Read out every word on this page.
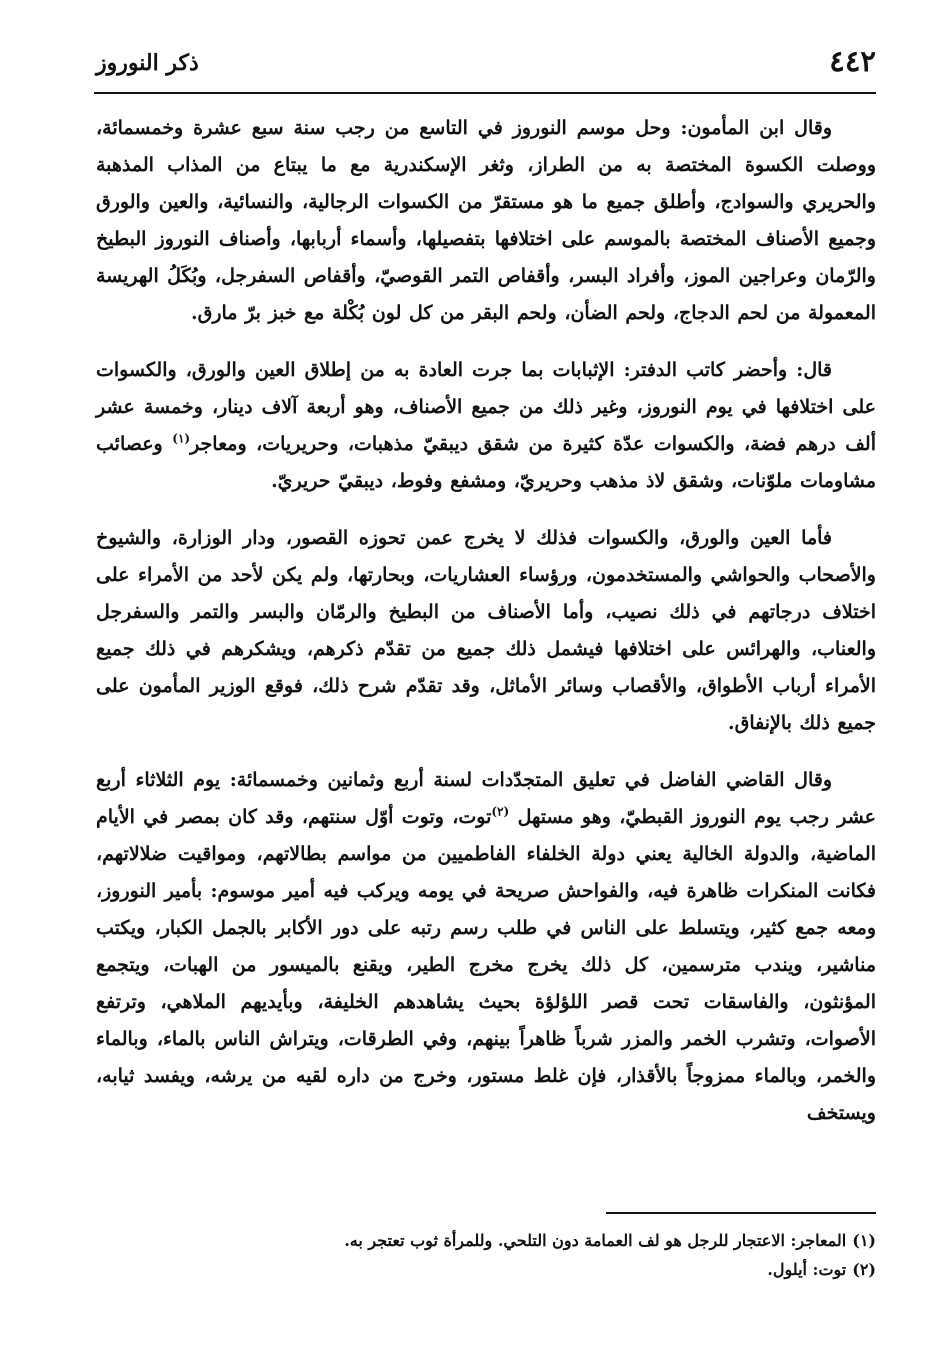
ذكر النوروز	٤٤٢

وقال ابن المأمون: وحل موسم النوروز في التاسع من رجب سنة سبع عشرة وخمسمائة، ووصلت الكسوة المختصة به من الطراز، وثغر الإسكندرية مع ما يبتاع من المذاب المذهبة والحريري والسوادج، وأطلق جميع ما هو مستقرّ من الكسوات الرجالية، والنسائية، والعين والورق وجميع الأصناف المختصة بالموسم على اختلافها بتفصيلها، وأسماء أربابها، وأصناف النوروز البطيخ والرّمان وعراجين الموز، وأفراد البسر، وأقفاص التمر القوصيّ، وأقفاص السفرجل، وبُكَلُ الهريسة المعمولة من لحم الدجاج، ولحم الضأن، ولحم البقر من كل لون بُكْلة مع خبز برّ مارق.

قال: وأحضر كاتب الدفتر: الإثبابات بما جرت العادة به من إطلاق العين والورق، والكسوات على اختلافها في يوم النوروز، وغير ذلك من جميع الأصناف، وهو أربعة آلاف دينار، وخمسة عشر ألف درهم فضة، والكسوات عدّة كثيرة من شقق ديبقيّ مذهبات، وحريريات، ومعاجر$^{(١)}$ وعصائب مشاومات ملوّنات، وشقق لاذ مذهب وحريريّ، ومشفع وفوط، ديبقيّ حريريّ.

فأما العين والورق، والكسوات فذلك لا يخرج عمن تحوزه القصور، ودار الوزارة، والشيوخ والأصحاب والحواشي والمستخدمون، ورؤساء العشاريات، وبحارتها، ولم يكن لأحد من الأمراء على اختلاف درجاتهم في ذلك نصيب، وأما الأصناف من البطيخ والرمّان والبسر والتمر والسفرجل والعناب، والهرائس على اختلافها فيشمل ذلك جميع من تقدّم ذكرهم، ويشكرهم في ذلك جميع الأمراء أرباب الأطواق، والأقصاب وسائر الأماثل، وقد تقدّم شرح ذلك، فوقع الوزير المأمون على جميع ذلك بالإنفاق.

وقال القاضي الفاضل في تعليق المتجدّدات لسنة أربع وثمانين وخمسمائة: يوم الثلاثاء أربع عشر رجب يوم النوروز القبطيّ، وهو مستهل $^{(٢)}$توت، وتوت أوّل سنتهم، وقد كان بمصر في الأيام الماضية، والدولة الخالية يعني دولة الخلفاء الفاطميين من مواسم بطالاتهم، ومواقيت ضلالاتهم، فكانت المنكرات ظاهرة فيه، والفواحش صريحة في يومه ويركب فيه أمير موسوم: بأمير النوروز، ومعه جمع كثير، ويتسلط على الناس في طلب رسم رتبه على دور الأكابر بالجمل الكبار، ويكتب مناشير، ويندب مترسمين، كل ذلك يخرج مخرج الطير، ويقنع بالميسور من الهبات، ويتجمع المؤنثون، والفاسقات تحت قصر اللؤلؤة بحيث يشاهدهم الخليفة، وبأيديهم الملاهي، وترتفع الأصوات، وتشرب الخمر والمزر شرباً ظاهراً بينهم، وفي الطرقات، ويتراش الناس بالماء، وبالماء والخمر، وبالماء ممزوجاً بالأقذار، فإن غلط مستور، وخرج من داره لقيه من يرشه، ويفسد ثيابه، ويستخف

(١)المعاجر: الاعتجار للرجل هو لف العمامة دون التلحي. وللمرأة ثوب تعتجر به.
(٢)توت: أيلول.
